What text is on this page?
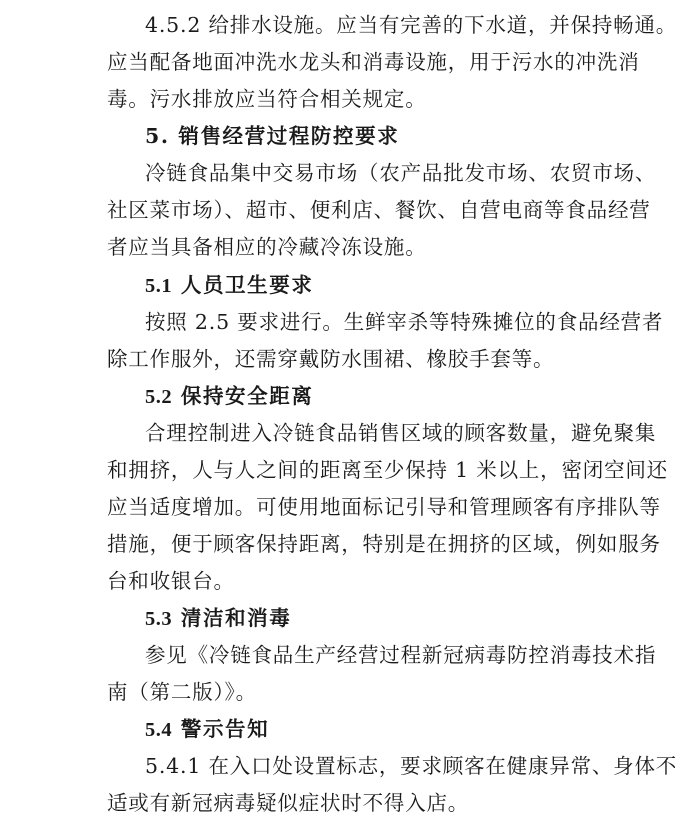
4.5.2 给排水设施。应当有完善的下水道，并保持畅通。
应当配备地面冲洗水龙头和消毒设施，用于污水的冲洗消
毒。污水排放应当符合相关规定。
5. 销售经营过程防控要求
冷链食品集中交易市场（农产品批发市场、农贸市场、
社区菜市场）、超市、便利店、餐饮、自营电商等食品经营
者应当具备相应的冷藏冷冻设施。
5.1 人员卫生要求
按照 2.5 要求进行。生鲜宰杀等特殊摊位的食品经营者
除工作服外，还需穿戴防水围裙、橡胶手套等。
5.2 保持安全距离
合理控制进入冷链食品销售区域的顾客数量，避免聚集
和拥挤，人与人之间的距离至少保持 1 米以上，密闭空间还
应当适度增加。可使用地面标记引导和管理顾客有序排队等
措施，便于顾客保持距离，特别是在拥挤的区域，例如服务
台和收银台。
5.3 清洁和消毒
参见《冷链食品生产经营过程新冠病毒防控消毒技术指
南（第二版）》。
5.4 警示告知
5.4.1 在入口处设置标志，要求顾客在健康异常、身体不
适或有新冠病毒疑似症状时不得入店。
